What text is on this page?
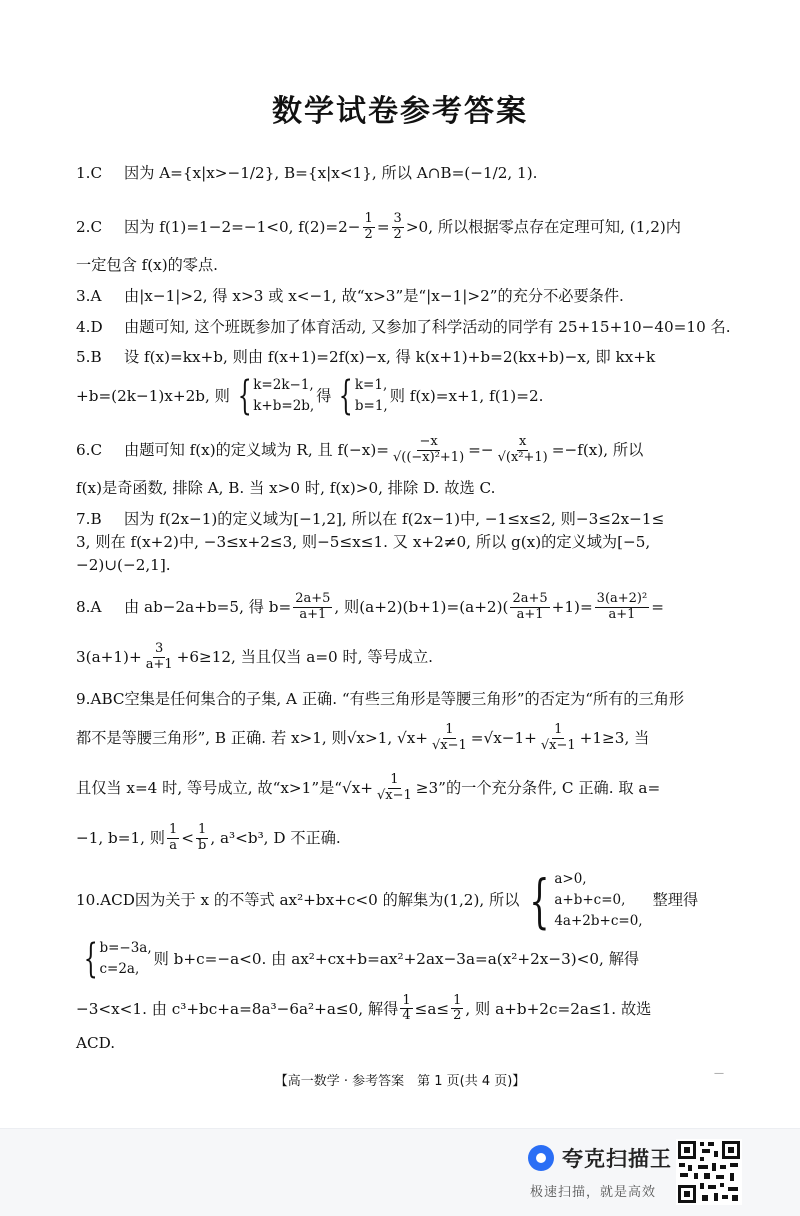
数学试卷参考答案
1.C	因为 A={x|x>−1/2}, B={x|x<1}, 所以 A∩B=(−1/2, 1).
2.C	因为 f(1)=1−2=−1<0, $f(2)=2- \frac{1}{2} = \frac{3}{2} >0$, 所以根据零点存在定理可知, (1,2)内
一定包含 f(x)的零点.
3.A	由|x−1|>2, 得 x>3 或 x<−1, 故“x>3”是“|x−1|>2”的充分不必要条件.
4.D	由题可知, 这个班既参加了体育活动, 又参加了科学活动的同学有 25+15+10−40=10 名.
5.B	设 f(x)=kx+b, 则由 f(x+1)=2f(x)−x, 得 k(x+1)+b=2(kx+b)−x, 即 kx+k
+b=(2k−1)x+2b, 则 { k=2k−1,
k+b=2b,
得 { k=1,
b=1,
则 f(x)=x+1, f(1)=2.
6.C	由题可知 f(x)的定义域为 R, 且 $f(-x)= \frac{-x}{\text{√((−x)²+1)}} =- \frac{x}{\text{√(x²+1)}} =-f(x)$, 所以
f(x)是奇函数, 排除 A, B. 当 x>0 时, f(x)>0, 排除 D. 故选 C.
7.B	因为 f(2x−1)的定义域为[−1,2], 所以在 f(2x−1)中, −1≤x≤2, 则−3≤2x−1≤
3, 则在 f(x+2)中, −3≤x+2≤3, 则−5≤x≤1. 又 x+2≠0, 所以 g(x)的定义域为[−5,
−2)∪(−2,1].
8.A	由 ab−2a+b=5, 得 $b= \frac{2a+5}{a+1}$ , 则$(a+2)(b+1)=(a+2)( \frac{2a+5}{a+1} +1)= \frac{\text{3(a+2)²}}{a+1}$ =
$3(a+1)+ \frac{3}{a+1} +6\ge 12$, 当且仅当 a=0 时, 等号成立.
9.ABC 空集是任何集合的子集, A 正确. “有些三角形是等腰三角形”的否定为“所有的三角形
都不是等腰三角形”, B 正确. 若 x>1, 则√x>1, $√x+ \frac{1}{√x-1} =√x-1+ \frac{1}{√x-1} +1\ge 3$, 当
且仅当 x=4 时, 等号成立, 故“x>1”是“$√x+ \frac{1}{√x-1} \ge 3$”的一个充分条件, C 正确. 取 a=
−1, b=1, 则 $\frac{1}{a} < \frac{1}{b}$ , a³<b³, D 不正确.
10.ACD 因为关于 x 的不等式 ax²+bx+c<0 的解集为(1,2), 所以 { a>0,
a+b+c=0,
4a+2b+c=0,
整理得
{ b=−3a,
c=2a,
则 b+c=−a<0. 由 ax²+cx+b=ax²+2ax−3a=a(x²+2x−3)<0, 解得
−3<x<1. 由 c³+bc+a=8a³−6a²+a≤0, 解得 $\frac{1}{4} \le a\le \frac{1}{2}$ , 则 a+b+2c=2a≤1. 故选
ACD.
【高一数学 · 参考答案　第 1 页(共 4 页)】
—
夸克扫描王
极速扫描，就是高效
